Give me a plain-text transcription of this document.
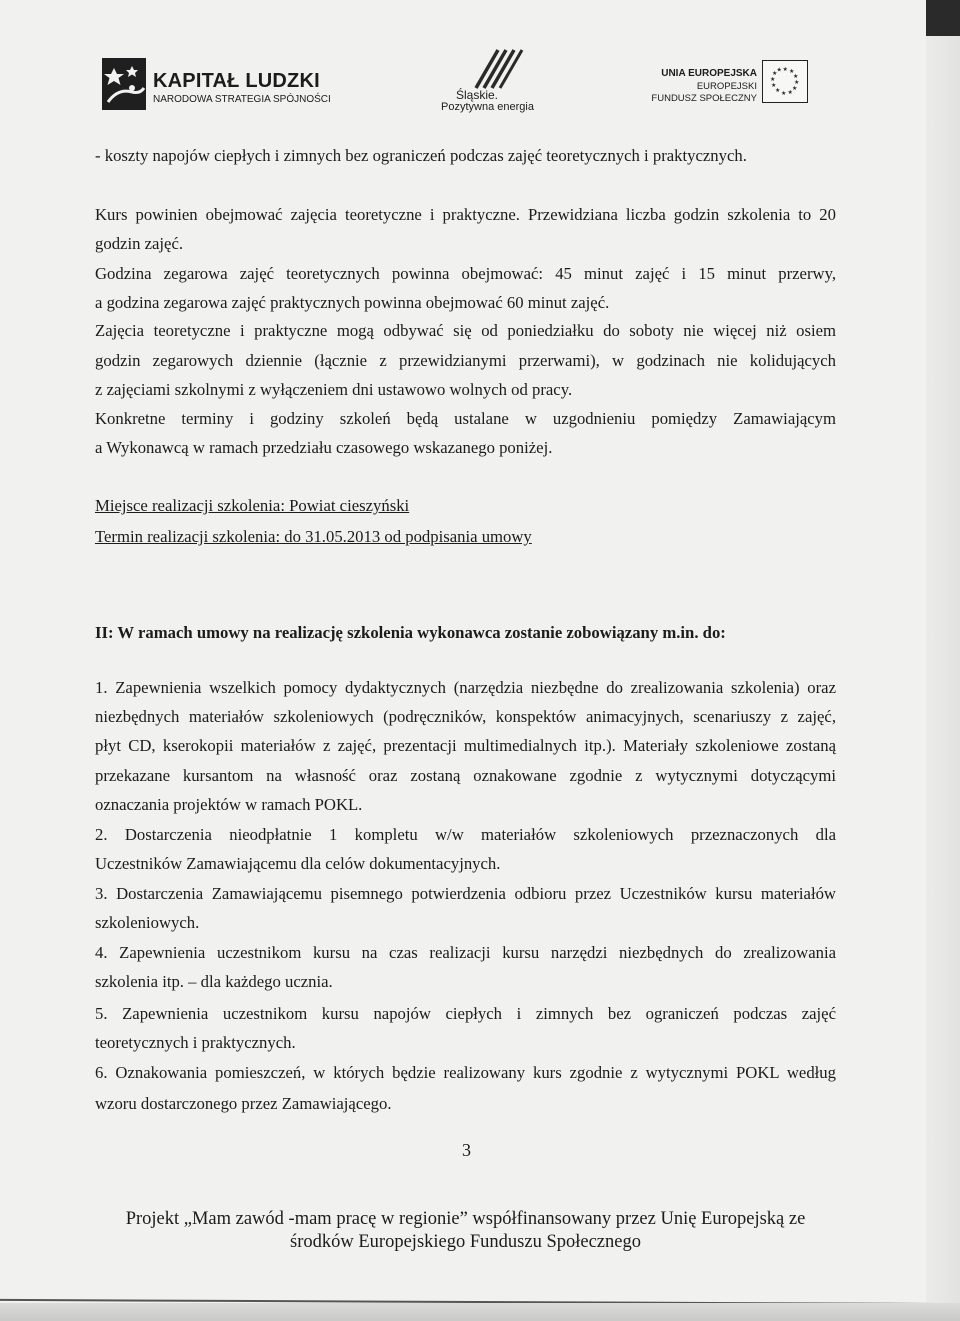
KAPITAŁ LUDZKI
NARODOWA STRATEGIA SPÓJNOŚCI	Śląskie.
Pozytywna energia
UNIA EUROPEJSKA
EUROPEJSKI
FUNDUSZ SPOŁECZNY
★ ★
★
★
★
★
★
★
★
★
★ ★
- koszty napojów ciepłych i zimnych bez ograniczeń podczas zajęć teoretycznych i praktycznych.
Kurs powinien obejmować zajęcia teoretyczne i praktyczne. Przewidziana liczba godzin szkolenia to 20
godzin zajęć.
Godzina zegarowa zajęć teoretycznych powinna obejmować: 45 minut zajęć i 15 minut przerwy,
a godzina zegarowa zajęć praktycznych powinna obejmować 60 minut zajęć.
Zajęcia teoretyczne i praktyczne mogą odbywać się od poniedziałku do soboty nie więcej niż osiem
godzin zegarowych dziennie (łącznie z przewidzianymi przerwami), w godzinach nie kolidujących
z zajęciami szkolnymi z wyłączeniem dni ustawowo wolnych od pracy.
Konkretne terminy i godziny szkoleń będą ustalane w uzgodnieniu pomiędzy Zamawiającym
a Wykonawcą w ramach przedziału czasowego wskazanego poniżej.
Miejsce realizacji szkolenia: Powiat cieszyński
Termin realizacji szkolenia: do 31.05.2013 od podpisania umowy
II: W ramach umowy na realizację szkolenia wykonawca zostanie zobowiązany m.in. do:
1. Zapewnienia wszelkich pomocy dydaktycznych (narzędzia niezbędne do zrealizowania szkolenia) oraz
niezbędnych materiałów szkoleniowych (podręczników, konspektów animacyjnych, scenariuszy z zajęć,
płyt CD, kserokopii materiałów z zajęć, prezentacji multimedialnych itp.). Materiały szkoleniowe zostaną
przekazane kursantom na własność oraz zostaną oznakowane zgodnie z wytycznymi dotyczącymi
oznaczania projektów w ramach POKL.
2. Dostarczenia nieodpłatnie 1 kompletu w/w materiałów szkoleniowych przeznaczonych dla
Uczestników Zamawiającemu dla celów dokumentacyjnych.
3. Dostarczenia Zamawiającemu pisemnego potwierdzenia odbioru przez Uczestników kursu materiałów
szkoleniowych.
4. Zapewnienia uczestnikom kursu na czas realizacji kursu narzędzi niezbędnych do zrealizowania
szkolenia itp. – dla każdego ucznia.
5. Zapewnienia uczestnikom kursu napojów ciepłych i zimnych bez ograniczeń podczas zajęć
teoretycznych i praktycznych.
6. Oznakowania pomieszczeń, w których będzie realizowany kurs zgodnie z wytycznymi POKL według
wzoru dostarczonego przez Zamawiającego.
3
Projekt „Mam zawód -mam pracę w regionie” współfinansowany przez Unię Europejską ze
środków Europejskiego Funduszu Społecznego
